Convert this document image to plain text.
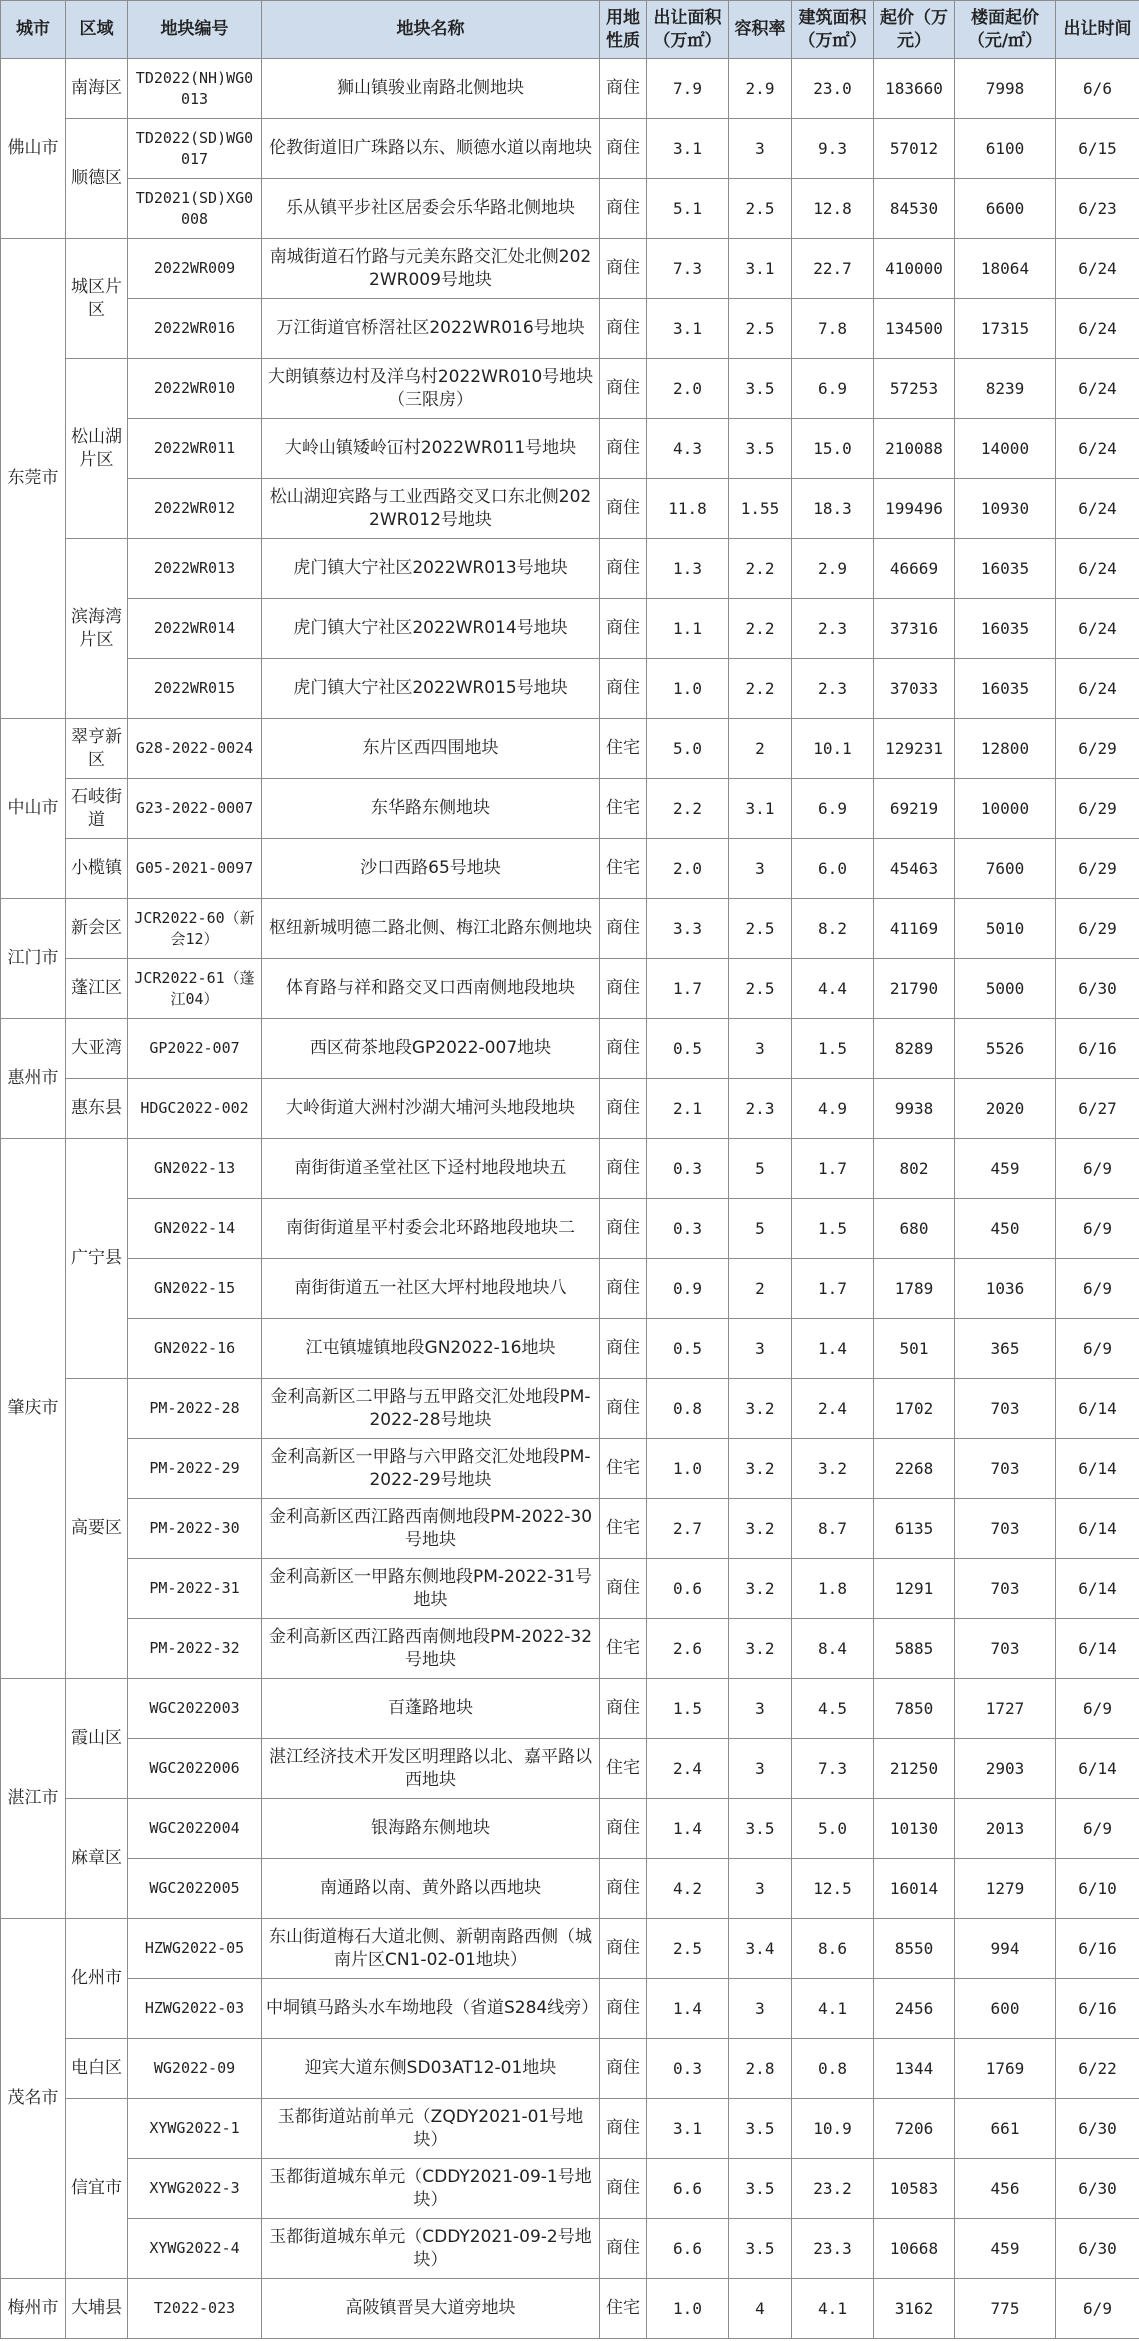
城市	区域	地块编号	地块名称	用地性质	出让面积（万㎡）	容积率	建筑面积（万㎡）	起价（万元）	楼面起价（元/㎡）	出让时间
佛山市	南海区	TD2022(NH)WG0013	狮山镇骏业南路北侧地块	商住	7.9	2.9	23.0	183660	7998	6/6
	顺德区	TD2022(SD)WG0017	伦教街道旧广珠路以东、顺德水道以南地块	商住	3.1	3	9.3	57012	6100	6/15
		TD2021(SD)XG0008	乐从镇平步社区居委会乐华路北侧地块	商住	5.1	2.5	12.8	84530	6600	6/23
东莞市	城区片区	2022WR009	南城街道石竹路与元美东路交汇处北侧2022WR009号地块	商住	7.3	3.1	22.7	410000	18064	6/24
		2022WR016	万江街道官桥滘社区2022WR016号地块	商住	3.1	2.5	7.8	134500	17315	6/24
	松山湖片区	2022WR010	大朗镇蔡边村及洋乌村2022WR010号地块（三限房）	商住	2.0	3.5	6.9	57253	8239	6/24
		2022WR011	大岭山镇矮岭冚村2022WR011号地块	商住	4.3	3.5	15.0	210088	14000	6/24
		2022WR012	松山湖迎宾路与工业西路交叉口东北侧2022WR012号地块	商住	11.8	1.55	18.3	199496	10930	6/24
	滨海湾片区	2022WR013	虎门镇大宁社区2022WR013号地块	商住	1.3	2.2	2.9	46669	16035	6/24
		2022WR014	虎门镇大宁社区2022WR014号地块	商住	1.1	2.2	2.3	37316	16035	6/24
		2022WR015	虎门镇大宁社区2022WR015号地块	商住	1.0	2.2	2.3	37033	16035	6/24
中山市	翠亨新区	G28-2022-0024	东片区西四围地块	住宅	5.0	2	10.1	129231	12800	6/29
	石岐街道	G23-2022-0007	东华路东侧地块	住宅	2.2	3.1	6.9	69219	10000	6/29
	小榄镇	G05-2021-0097	沙口西路65号地块	住宅	2.0	3	6.0	45463	7600	6/29
江门市	新会区	JCR2022-60（新会12）	枢纽新城明德二路北侧、梅江北路东侧地块	商住	3.3	2.5	8.2	41169	5010	6/29
	蓬江区	JCR2022-61（蓬江04）	体育路与祥和路交叉口西南侧地段地块	商住	1.7	2.5	4.4	21790	5000	6/30
惠州市	大亚湾	GP2022-007	西区荷茶地段GP2022-007地块	商住	0.5	3	1.5	8289	5526	6/16
	惠东县	HDGC2022-002	大岭街道大洲村沙湖大埔河头地段地块	商住	2.1	2.3	4.9	9938	2020	6/27
肇庆市	广宁县	GN2022-13	南街街道圣堂社区下迳村地段地块五	商住	0.3	5	1.7	802	459	6/9
		GN2022-14	南街街道星平村委会北环路地段地块二	商住	0.3	5	1.5	680	450	6/9
		GN2022-15	南街街道五一社区大坪村地段地块八	商住	0.9	2	1.7	1789	1036	6/9
		GN2022-16	江屯镇墟镇地段GN2022-16地块	商住	0.5	3	1.4	501	365	6/9
	高要区	PM-2022-28	金利高新区二甲路与五甲路交汇处地段PM-2022-28号地块	商住	0.8	3.2	2.4	1702	703	6/14
		PM-2022-29	金利高新区一甲路与六甲路交汇处地段PM-2022-29号地块	住宅	1.0	3.2	3.2	2268	703	6/14
		PM-2022-30	金利高新区西江路西南侧地段PM-2022-30号地块	住宅	2.7	3.2	8.7	6135	703	6/14
		PM-2022-31	金利高新区一甲路东侧地段PM-2022-31号地块	商住	0.6	3.2	1.8	1291	703	6/14
		PM-2022-32	金利高新区西江路西南侧地段PM-2022-32号地块	住宅	2.6	3.2	8.4	5885	703	6/14
湛江市	霞山区	WGC2022003	百蓬路地块	商住	1.5	3	4.5	7850	1727	6/9
		WGC2022006	湛江经济技术开发区明理路以北、嘉平路以西地块	住宅	2.4	3	7.3	21250	2903	6/14
	麻章区	WGC2022004	银海路东侧地块	商住	1.4	3.5	5.0	10130	2013	6/9
		WGC2022005	南通路以南、黄外路以西地块	商住	4.2	3	12.5	16014	1279	6/10
茂名市	化州市	HZWG2022-05	东山街道梅石大道北侧、新朝南路西侧（城南片区CN1-02-01地块）	商住	2.5	3.4	8.6	8550	994	6/16
		HZWG2022-03	中垌镇马路头水车坳地段（省道S284线旁）	商住	1.4	3	4.1	2456	600	6/16
	电白区	WG2022-09	迎宾大道东侧SD03AT12-01地块	商住	0.3	2.8	0.8	1344	1769	6/22
	信宜市	XYWG2022-1	玉都街道站前单元（ZQDY2021-01号地块）	商住	3.1	3.5	10.9	7206	661	6/30
		XYWG2022-3	玉都街道城东单元（CDDY2021-09-1号地块）	商住	6.6	3.5	23.2	10583	456	6/30
		XYWG2022-4	玉都街道城东单元（CDDY2021-09-2号地块）	商住	6.6	3.5	23.3	10668	459	6/30
梅州市	大埔县	T2022-023	高陂镇晋昊大道旁地块	住宅	1.0	4	4.1	3162	775	6/9
